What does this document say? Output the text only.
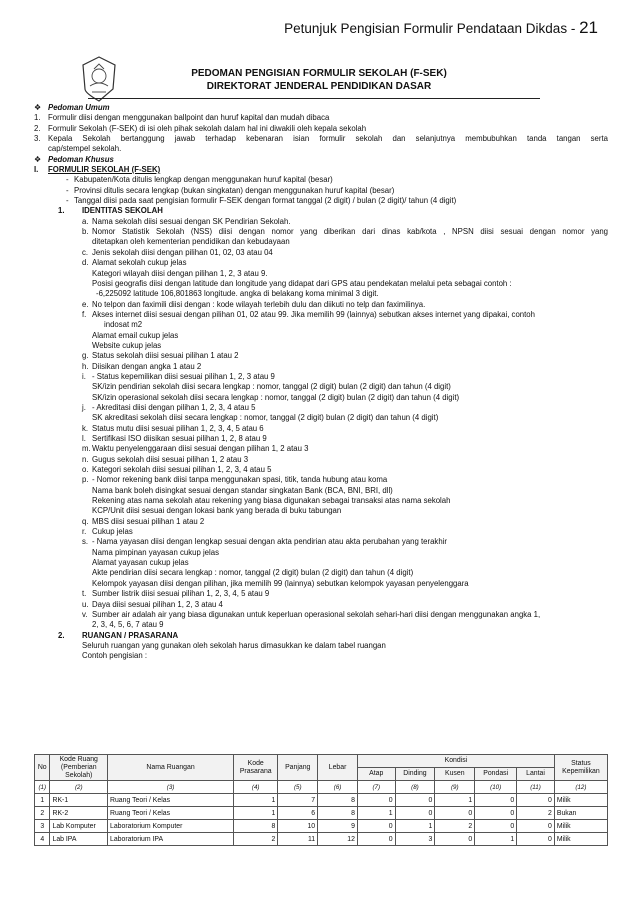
Petunjuk Pengisian Formulir Pendataan Dikdas - 21
PEDOMAN PENGISIAN FORMULIR SEKOLAH (F-SEK)
DIREKTORAT JENDERAL PENDIDIKAN DASAR
❖ Pedoman Umum
1. Formulir diisi dengan menggunakan ballpoint dan huruf kapital dan mudah dibaca
2. Formulir Sekolah (F-SEK) di isi oleh pihak sekolah dalam hal ini diwakili oleh kepala sekolah
3. Kepala Sekolah bertanggung jawab terhadap kebenaran isian formulir sekolah dan selanjutnya membubuhkan tanda tangan serta
cap/stempel sekolah.
❖ Pedoman Khusus
I. FORMULIR SEKOLAH (F-SEK)
- Kabupaten/Kota ditulis lengkap dengan menggunakan huruf kapital (besar)
- Provinsi ditulis secara lengkap (bukan singkatan) dengan menggunakan huruf kapital (besar)
- Tanggal diisi pada saat pengisian formulir F-SEK dengan format tanggal (2 digit) / bulan (2 digit)/ tahun (4 digit)
1. IDENTITAS SEKOLAH
a. Nama sekolah diisi sesuai dengan SK Pendirian Sekolah.
b. Nomor Statistik Sekolah (NSS) diisi dengan nomor yang diberikan dari dinas kab/kota , NPSN diisi sesuai dengan nomor yang
ditetapkan oleh kementerian pendidikan dan kebudayaan
c. Jenis sekolah diisi dengan pilihan 01, 02, 03 atau 04
d. Alamat sekolah cukup jelas
Kategori wilayah diisi dengan pilihan 1, 2, 3 atau 9.
Posisi geografis diisi dengan latitude dan longitude yang didapat dari GPS atau pendekatan melalui peta sebagai contoh :
-6,225092 latitude 106,801863 longitude. angka di belakang koma minimal 3 digit.
e. No telpon dan faximili diisi dengan : kode wilayah terlebih dulu dan diikuti no telp dan faximilinya.
f. Akses internet diisi sesuai dengan pilihan 01, 02 atau 99. Jika memilih 99 (lainnya) sebutkan akses internet yang dipakai, contoh
indosat m2
Alamat email cukup jelas
Website cukup jelas
g. Status sekolah diisi sesuai pilihan 1 atau 2
h. Diisikan dengan angka 1 atau 2
i. - Status kepemilikan diisi sesuai pilihan 1, 2, 3 atau 9
SK/izin pendirian sekolah diisi secara lengkap : nomor, tanggal (2 digit) bulan (2 digit) dan tahun (4 digit)
SK/izin operasional sekolah diisi secara lengkap : nomor, tanggal (2 digit) bulan (2 digit) dan tahun (4 digit)
j. - Akreditasi diisi dengan pilihan 1, 2, 3, 4 atau 5
SK akreditasi sekolah diisi secara lengkap : nomor, tanggal (2 digit) bulan (2 digit) dan tahun (4 digit)
k. Status mutu diisi sesuai pilihan 1, 2, 3, 4, 5 atau 6
l. Sertifikasi ISO diisikan sesuai pilihan 1, 2, 8 atau 9
m. Waktu penyelenggaraan diisi sesuai dengan pilihan 1, 2 atau 3
n. Gugus sekolah diisi sesuai pilihan 1, 2 atau 3
o. Kategori sekolah diisi sesuai pilihan 1, 2, 3, 4 atau 5
p. - Nomor rekening bank diisi tanpa menggunakan spasi, titik, tanda hubung atau koma
Nama bank boleh disingkat sesuai dengan standar singkatan Bank (BCA, BNI, BRI, dll)
Rekening atas nama sekolah atau rekening yang biasa digunakan sebagai transaksi atas nama sekolah
KCP/Unit diisi sesuai dengan lokasi bank yang berada di buku tabungan
q. MBS diisi sesuai pilihan 1 atau 2
r. Cukup jelas
s. - Nama yayasan diisi dengan lengkap sesuai dengan akta pendirian atau akta perubahan yang terakhir
Nama pimpinan yayasan cukup jelas
Alamat yayasan cukup jelas
Akte pendirian diisi secara lengkap : nomor, tanggal (2 digit) bulan (2 digit) dan tahun (4 digit)
Kelompok yayasan diisi dengan pilihan, jika memilih 99 (lainnya) sebutkan kelompok yayasan penyelenggara
t. Sumber listrik diisi sesuai pilihan 1, 2, 3, 4, 5 atau 9
u. Daya diisi sesuai pilihan 1, 2, 3 atau 4
v. Sumber air adalah air yang biasa digunakan untuk keperluan operasional sekolah sehari-hari diisi dengan menggunakan angka 1,
2, 3, 4, 5, 6, 7 atau 9
2. RUANGAN / PRASARANA
Seluruh ruangan yang gunakan oleh sekolah harus dimasukkan ke dalam tabel ruangan
Contoh pengisian :
No	Kode Ruang (Pemberian Sekolah)	Nama Ruangan	Kode Prasarana	Panjang	Lebar	Kondisi					Status Kepemilikan
						Atap	Dinding	Kusen	Pondasi	Lantai	
(1)	(2)	(3)	(4)	(5)	(6)	(7)	(8)	(9)	(10)	(11)	(12)
1	RK-1	Ruang Teori / Kelas	1	7	8	0	0	1	0	0	Milik
2	RK-2	Ruang Teori / Kelas	1	6	8	1	0	0	0	2	Bukan
3	Lab Komputer	Laboratorium Komputer	8	10	9	0	1	2	0	0	Milik
4	Lab IPA	Laboratorium IPA	2	11	12	0	3	0	1	0	Milik
